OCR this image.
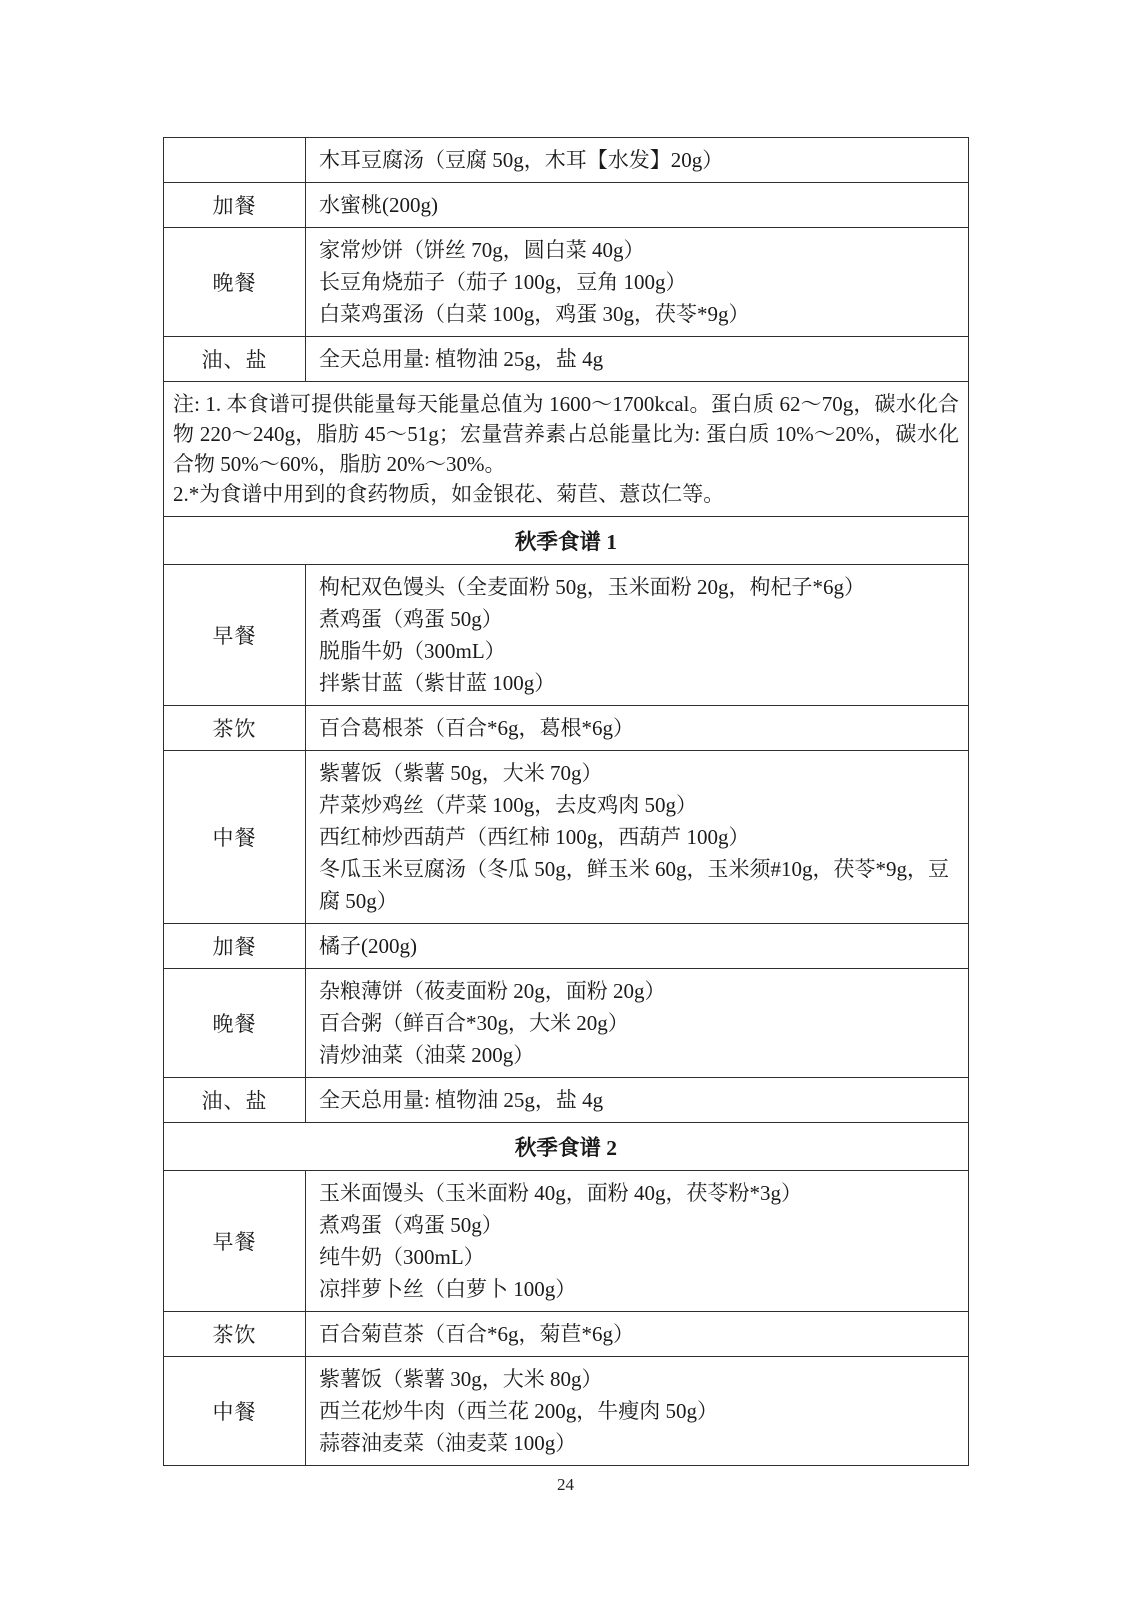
	木耳豆腐汤（豆腐 50g，木耳【水发】20g）

加餐	水蜜桃(200g)

晚餐	家常炒饼（饼丝 70g，圆白菜 40g）
长豆角烧茄子（茄子 100g，豆角 100g）
白菜鸡蛋汤（白菜 100g，鸡蛋 30g，茯苓*9g）

油、盐	全天总用量: 植物油 25g，盐 4g

注: 1. 本食谱可提供能量每天能量总值为 1600～1700kcal。蛋白质 62～70g，碳水化合物 220～240g，脂肪 45～51g；宏量营养素占总能量比为: 蛋白质 10%～20%，碳水化合物 50%～60%，脂肪 20%～30%。
2.*为食谱中用到的食药物质，如金银花、菊苣、薏苡仁等。	

秋季食谱 1	
早餐	枸杞双色馒头（全麦面粉 50g，玉米面粉 20g，枸杞子*6g）
煮鸡蛋（鸡蛋 50g）
脱脂牛奶（300mL）
拌紫甘蓝（紫甘蓝 100g）

茶饮	百合葛根茶（百合*6g，葛根*6g）

中餐	紫薯饭（紫薯 50g，大米 70g）
芹菜炒鸡丝（芹菜 100g，去皮鸡肉 50g）
西红柿炒西葫芦（西红柿 100g，西葫芦 100g）
冬瓜玉米豆腐汤（冬瓜 50g，鲜玉米 60g，玉米须#10g，茯苓*9g，豆腐 50g）

加餐	橘子(200g)

晚餐	杂粮薄饼（莜麦面粉 20g，面粉 20g）
百合粥（鲜百合*30g，大米 20g）
清炒油菜（油菜 200g）

油、盐	全天总用量: 植物油 25g，盐 4g

秋季食谱 2	
早餐	玉米面馒头（玉米面粉 40g，面粉 40g，茯苓粉*3g）
煮鸡蛋（鸡蛋 50g）
纯牛奶（300mL）
凉拌萝卜丝（白萝卜 100g）

茶饮	百合菊苣茶（百合*6g，菊苣*6g）

中餐	紫薯饭（紫薯 30g，大米 80g）
西兰花炒牛肉（西兰花 200g，牛瘦肉 50g）
蒜蓉油麦菜（油麦菜 100g）
24
